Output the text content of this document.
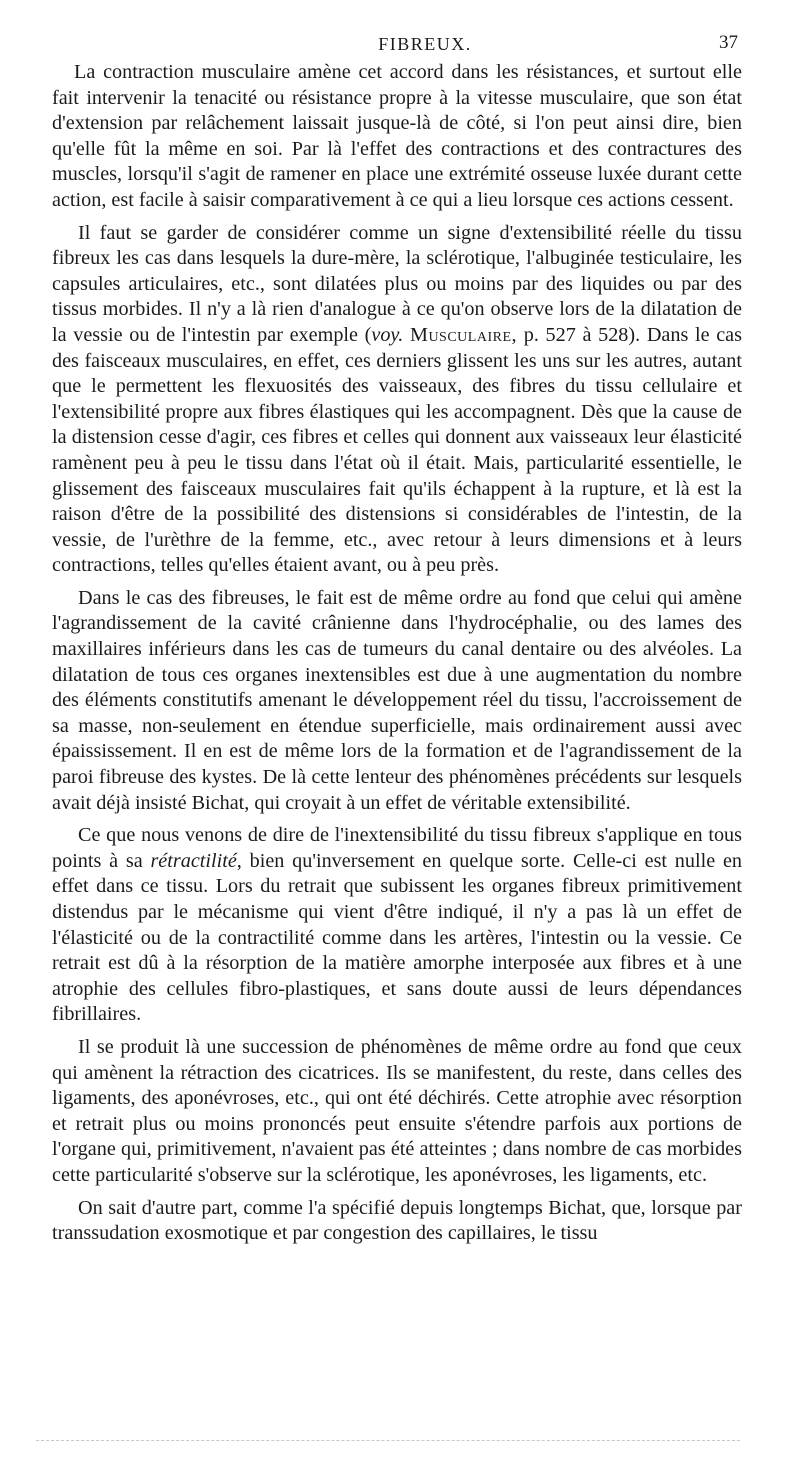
FIBREUX.	37

La contraction musculaire amène cet accord dans les résistances, et surtout elle fait intervenir la tenacité ou résistance propre à la vitesse musculaire, que son état d'extension par relâchement laissait jusque-là de côté, si l'on peut ainsi dire, bien qu'elle fût la même en soi. Par là l'effet des contractions et des contractures des muscles, lorsqu'il s'agit de ramener en place une extrémité osseuse luxée durant cette action, est facile à saisir comparativement à ce qui a lieu lorsque ces actions cessent.

Il faut se garder de considérer comme un signe d'extensibilité réelle du tissu fibreux les cas dans lesquels la dure-mère, la sclérotique, l'albuginée testiculaire, les capsules articulaires, etc., sont dilatées plus ou moins par des liquides ou par des tissus morbides. Il n'y a là rien d'analogue à ce qu'on observe lors de la dilatation de la vessie ou de l'intestin par exemple (voy. Musculaire, p. 527 à 528). Dans le cas des faisceaux musculaires, en effet, ces derniers glissent les uns sur les autres, autant que le permettent les flexuosités des vaisseaux, des fibres du tissu cellulaire et l'extensibilité propre aux fibres élastiques qui les accompagnent. Dès que la cause de la distension cesse d'agir, ces fibres et celles qui donnent aux vaisseaux leur élasticité ramènent peu à peu le tissu dans l'état où il était. Mais, particularité essentielle, le glissement des faisceaux musculaires fait qu'ils échappent à la rupture, et là est la raison d'être de la possibilité des distensions si considérables de l'intestin, de la vessie, de l'urèthre de la femme, etc., avec retour à leurs dimensions et à leurs contractions, telles qu'elles étaient avant, ou à peu près.

Dans le cas des fibreuses, le fait est de même ordre au fond que celui qui amène l'agrandissement de la cavité crânienne dans l'hydrocéphalie, ou des lames des maxillaires inférieurs dans les cas de tumeurs du canal dentaire ou des alvéoles. La dilatation de tous ces organes inextensibles est due à une augmentation du nombre des éléments constitutifs amenant le développement réel du tissu, l'accroissement de sa masse, non-seulement en étendue superficielle, mais ordinairement aussi avec épaississement. Il en est de même lors de la formation et de l'agrandissement de la paroi fibreuse des kystes. De là cette lenteur des phénomènes précédents sur lesquels avait déjà insisté Bichat, qui croyait à un effet de véritable extensibilité.

Ce que nous venons de dire de l'inextensibilité du tissu fibreux s'applique en tous points à sa rétractilité, bien qu'inversement en quelque sorte. Celle-ci est nulle en effet dans ce tissu. Lors du retrait que subissent les organes fibreux primitivement distendus par le mécanisme qui vient d'être indiqué, il n'y a pas là un effet de l'élasticité ou de la contractilité comme dans les artères, l'intestin ou la vessie. Ce retrait est dû à la résorption de la matière amorphe interposée aux fibres et à une atrophie des cellules fibro-plastiques, et sans doute aussi de leurs dépendances fibrillaires.

Il se produit là une succession de phénomènes de même ordre au fond que ceux qui amènent la rétraction des cicatrices. Ils se manifestent, du reste, dans celles des ligaments, des aponévroses, etc., qui ont été déchirés. Cette atrophie avec résorption et retrait plus ou moins prononcés peut ensuite s'étendre parfois aux portions de l'organe qui, primitivement, n'avaient pas été atteintes ; dans nombre de cas morbides cette particularité s'observe sur la sclérotique, les aponévroses, les ligaments, etc.

On sait d'autre part, comme l'a spécifié depuis longtemps Bichat, que, lorsque par transsudation exosmotique et par congestion des capillaires, le tissu
